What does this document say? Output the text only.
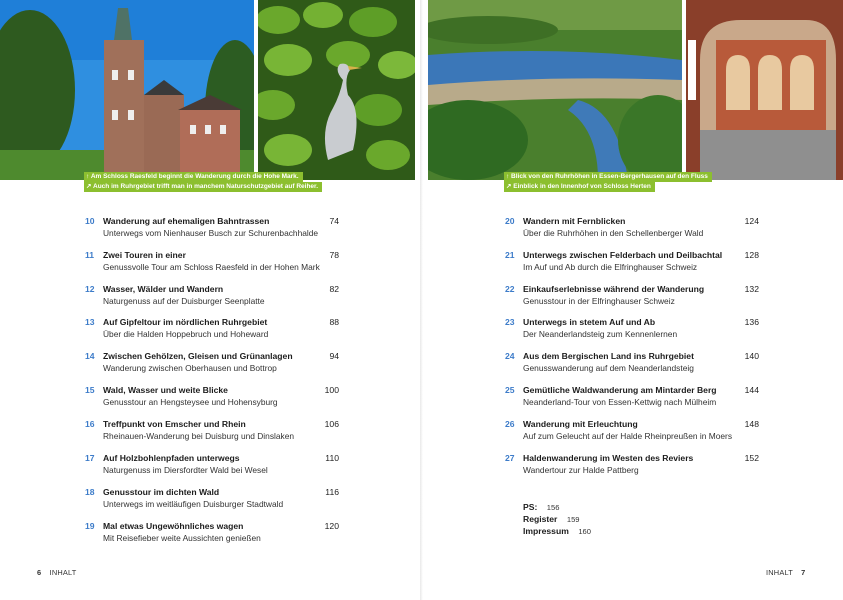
↑ Am Schloss Raesfeld beginnt die Wanderung durch die Hohe Mark.
↗ Auch im Ruhrgebiet trifft man in manchem Naturschutzgebiet auf Reiher.
↑ Blick von den Ruhrhöhen in Essen-Bergerhausen auf den Fluss
↗ Einblick in den Innenhof von Schloss Herten
10 Wanderung auf ehemaligen Bahntrassen	74
Unterwegs vom Nienhauser Busch zur Schurenbachhalde
11 Zwei Touren in einer	78
Genussvolle Tour am Schloss Raesfeld in der Hohen Mark
12 Wasser, Wälder und Wandern	82
Naturgenuss auf der Duisburger Seenplatte
13 Auf Gipfeltour im nördlichen Ruhrgebiet	88
Über die Halden Hoppebruch und Hoheward
14 Zwischen Gehölzen, Gleisen und Grünanlagen	94
Wanderung zwischen Oberhausen und Bottrop
15 Wald, Wasser und weite Blicke	100
Genusstour an Hengsteysee und Hohensyburg
16 Treffpunkt von Emscher und Rhein	106
Rheinauen-Wanderung bei Duisburg und Dinslaken
17 Auf Holzbohlenpfaden unterwegs	110
Naturgenuss im Diersfordter Wald bei Wesel
18 Genusstour im dichten Wald	116
Unterwegs im weitläufigen Duisburger Stadtwald
19 Mal etwas Ungewöhnliches wagen	120
Mit Reisefieber weite Aussichten genießen
20 Wandern mit Fernblicken	124
Über die Ruhrhöhen in den Schellenberger Wald
21 Unterwegs zwischen Felderbach und Deilbachtal	128
Im Auf und Ab durch die Elfringhauser Schweiz
22 Einkaufserlebnisse während der Wanderung	132
Genusstour in der Elfringhauser Schweiz
23 Unterwegs in stetem Auf und Ab	136
Der Neanderlandsteig zum Kennenlernen
24 Aus dem Bergischen Land ins Ruhrgebiet	140
Genusswanderung auf dem Neanderlandsteig
25 Gemütliche Waldwanderung am Mintarder Berg	144
Neanderland-Tour von Essen-Kettwig nach Mülheim
26 Wanderung mit Erleuchtung	148
Auf zum Geleucht auf der Halde Rheinpreußen in Moers
27 Haldenwanderung im Westen des Reviers	152
Wandertour zur Halde Pattberg
PS: 156
Register 159
Impressum 160
6 INHALT	INHALT 7
